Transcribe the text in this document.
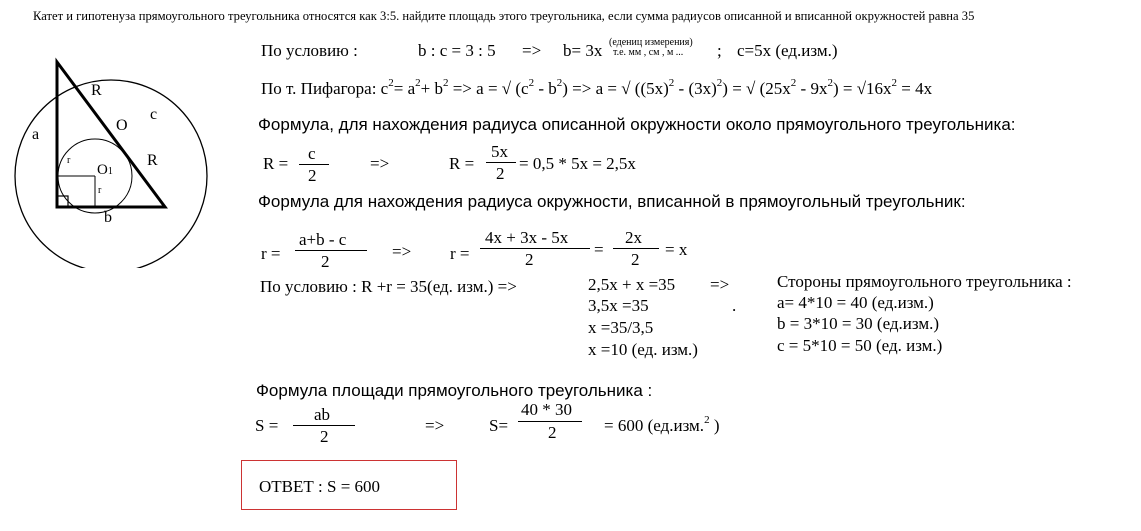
Катет и гипотенуза прямоугольного треугольника относятся как 3:5. найдите площадь этого треугольника, если сумма радиусов описанной и вписанной окружностей равна 35
a
b
c
R
R
O
O1
r
r
По условию :	b : c = 3 : 5 => b= 3x (едениц измерения)
т.е. мм , см , м ... ; c=5x (ед.изм.)
По т. Пифагора: $c^2= a^2+ b^2 => a$ = √ $(c^2 - b^2) => a$ = √ $((5x)^2 - (3x)^2)$ = √ $(25x^2 - 9x^2) = √16x^2 = 4x$
Формула, для нахождения радиуса описанной окружности около прямоугольного треугольника:
R =
c
2
=>	R =
5x
2
= 0,5 * 5x = 2,5x
Формула для нахождения радиуса окружности, вписанной в прямоугольный треугольник:
r =
a+b - c
2
=> r =
4x + 3x - 5x
2
=
2x
2
= x
По условию : R +r = 35(ед. изм.) =>	2,5x + x =35 =>
3,5x =35	.
x =35/3,5
x =10 (ед. изм.)
Стороны прямоугольного треугольника :
a= 4*10 = 40 (ед.изм.)
b = 3*10 = 30 (ед.изм.)
c = 5*10 = 50 (ед. изм.)
Формула площади прямоугольного треугольника :
S =
ab
2
=>	S=
40 * 30
2	= 600 (ед.изм.$^2$ )
ОТВЕТ : S = 600
